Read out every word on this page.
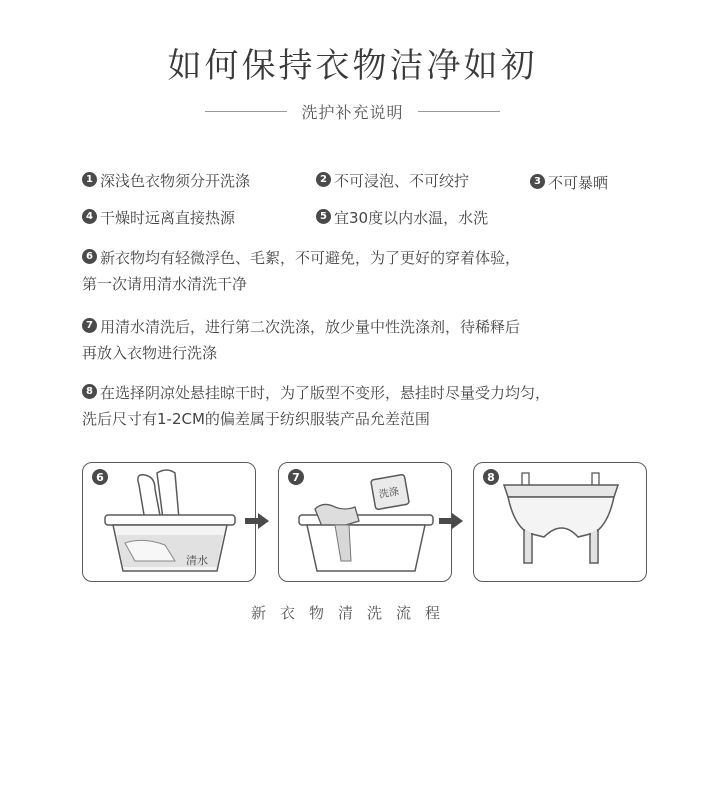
如何保持衣物洁净如初
洗护补充说明
1 深浅色衣物须分开洗涤	2 不可浸泡、不可绞拧	3 不可暴晒
4 干燥时远离直接热源	5 宜30度以内水温，水洗
6 新衣物均有轻微浮色、毛絮，不可避免，为了更好的穿着体验，
第一次请用清水清洗干净
7 用清水清洗后，进行第二次洗涤，放少量中性洗涤剂，待稀释后
再放入衣物进行洗涤
8 在选择阴凉处悬挂晾干时，为了版型不变形，悬挂时尽量受力均匀，
洗后尺寸有1-2CM的偏差属于纺织服装产品允差范围
6
清水
7
洗涤
8
新衣物清洗流程
